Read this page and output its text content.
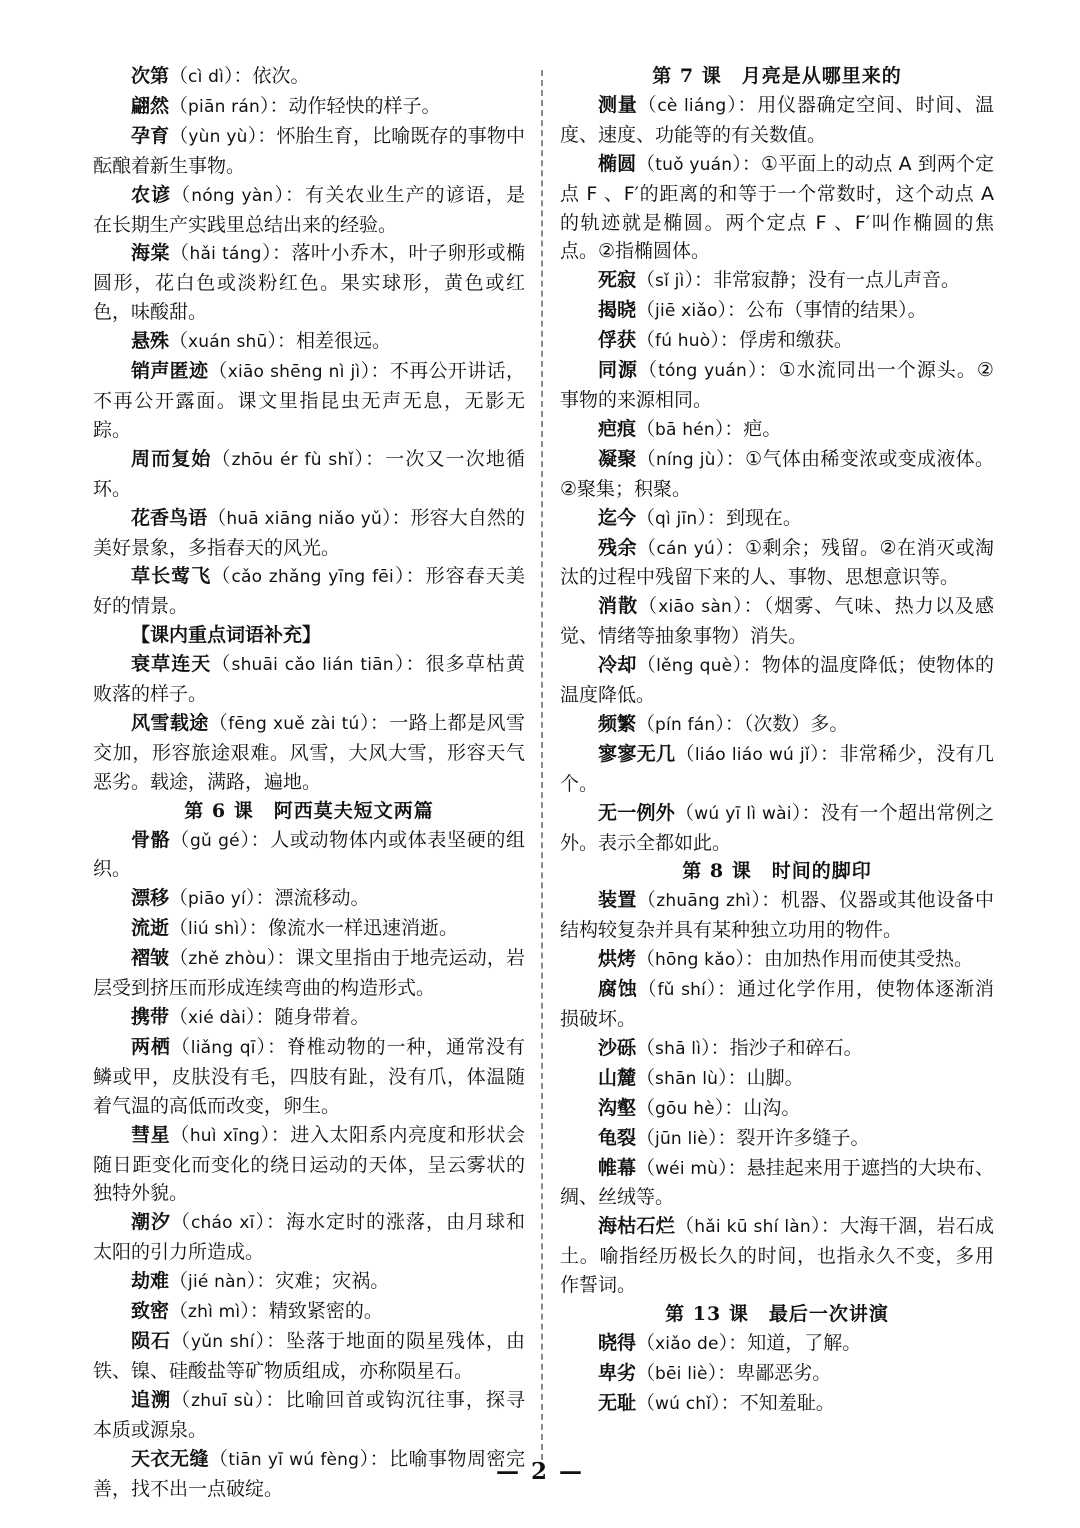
次第（cì dì）：依次。

翩然（piān rán）：动作轻快的样子。

孕育（yùn yù）：怀胎生育，比喻既存的事物中酝酿着新生事物。

农谚（nóng yàn）：有关农业生产的谚语，是在长期生产实践里总结出来的经验。

海棠（hǎi táng）：落叶小乔木，叶子卵形或椭圆形，花白色或淡粉红色。果实球形，黄色或红色，味酸甜。

悬殊（xuán shū）：相差很远。

销声匿迹（xiāo shēng nì jì）：不再公开讲话，不再公开露面。课文里指昆虫无声无息，无影无踪。

周而复始（zhōu ér fù shǐ）：一次又一次地循环。

花香鸟语（huā xiāng niǎo yǔ）：形容大自然的美好景象，多指春天的风光。

草长莺飞（cǎo zhǎng yīng fēi）：形容春天美好的情景。

【课内重点词语补充】

衰草连天（shuāi cǎo lián tiān）：很多草枯黄败落的样子。

风雪载途（fēng xuě zài tú）：一路上都是风雪交加，形容旅途艰难。风雪，大风大雪，形容天气恶劣。载途，满路，遍地。

第 6 课　阿西莫夫短文两篇

骨骼（gǔ gé）：人或动物体内或体表坚硬的组织。

漂移（piāo yí）：漂流移动。

流逝（liú shì）：像流水一样迅速消逝。

褶皱（zhě zhòu）：课文里指由于地壳运动，岩层受到挤压而形成连续弯曲的构造形式。

携带（xié dài）：随身带着。

两栖（liǎng qī）：脊椎动物的一种，通常没有鳞或甲，皮肤没有毛，四肢有趾，没有爪，体温随着气温的高低而改变，卵生。

彗星（huì xīng）：进入太阳系内亮度和形状会随日距变化而变化的绕日运动的天体，呈云雾状的独特外貌。

潮汐（cháo xī）：海水定时的涨落，由月球和太阳的引力所造成。

劫难（jié nàn）：灾难；灾祸。

致密（zhì mì）：精致紧密的。

陨石（yǔn shí）：坠落于地面的陨星残体，由铁、镍、硅酸盐等矿物质组成，亦称陨星石。

追溯（zhuī sù）：比喻回首或钩沉往事，探寻本质或源泉。

天衣无缝（tiān yī wú fèng）：比喻事物周密完善，找不出一点破绽。

第 7 课　月亮是从哪里来的

测量（cè liáng）：用仪器确定空间、时间、温度、速度、功能等的有关数值。

椭圆（tuǒ yuán）：①平面上的动点 A 到两个定点 F 、F′的距离的和等于一个常数时，这个动点 A 的轨迹就是椭圆。两个定点 F 、F′叫作椭圆的焦点。②指椭圆体。

死寂（sǐ jì）：非常寂静；没有一点儿声音。

揭晓（jiē xiǎo）：公布（事情的结果）。

俘获（fú huò）：俘虏和缴获。

同源（tóng yuán）：①水流同出一个源头。②事物的来源相同。

疤痕（bā hén）：疤。

凝聚（níng jù）：①气体由稀变浓或变成液体。②聚集；积聚。

迄今（qì jīn）：到现在。

残余（cán yú）：①剩余；残留。②在消灭或淘汰的过程中残留下来的人、事物、思想意识等。

消散（xiāo sàn）：（烟雾、气味、热力以及感觉、情绪等抽象事物）消失。

冷却（lěng què）：物体的温度降低；使物体的温度降低。

频繁（pín fán）：（次数）多。

寥寥无几（liáo liáo wú jǐ）：非常稀少，没有几个。

无一例外（wú yī lì wài）：没有一个超出常例之外。表示全都如此。

第 8 课　时间的脚印

装置（zhuāng zhì）：机器、仪器或其他设备中结构较复杂并具有某种独立功用的物件。

烘烤（hōng kǎo）：由加热作用而使其受热。

腐蚀（fǔ shí）：通过化学作用，使物体逐渐消损破坏。

沙砾（shā lì）：指沙子和碎石。

山麓（shān lù）：山脚。

沟壑（gōu hè）：山沟。

龟裂（jūn liè）：裂开许多缝子。

帷幕（wéi mù）：悬挂起来用于遮挡的大块布、绸、丝绒等。

海枯石烂（hǎi kū shí làn）：大海干涸，岩石成土。喻指经历极长久的时间，也指永久不变，多用作誓词。

第 13 课　最后一次讲演

晓得（xiǎo de）：知道，了解。

卑劣（bēi liè）：卑鄙恶劣。

无耻（wú chǐ）：不知羞耻。

— 2 —
